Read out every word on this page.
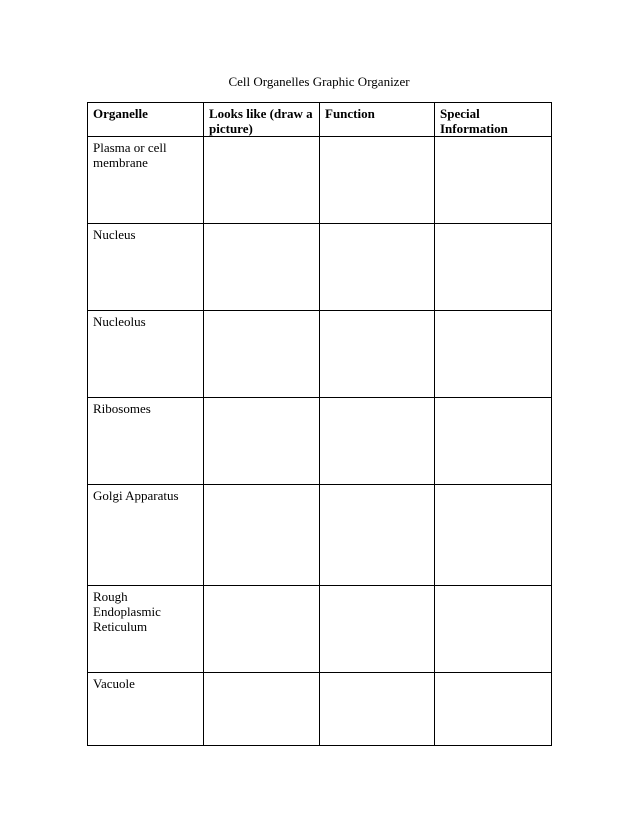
Cell Organelles Graphic Organizer
Organelle	Looks like (draw a picture)	Function	Special Information
Plasma or cell membrane			
Nucleus			
Nucleolus			
Ribosomes			
Golgi Apparatus			
Rough Endoplasmic Reticulum			
Vacuole			
